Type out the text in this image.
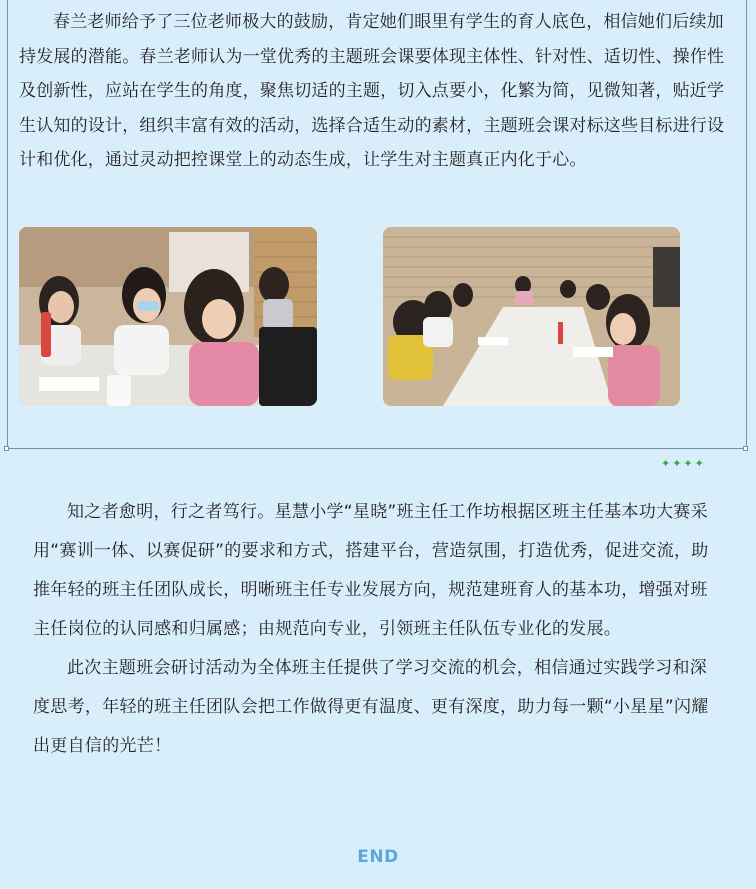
春兰老师给予了三位老师极大的鼓励，肯定她们眼里有学生的育人底色，相信她们后续加持发展的潜能。春兰老师认为一堂优秀的主题班会课要体现主体性、针对性、适切性、操作性及创新性，应站在学生的角度，聚焦切适的主题，切入点要小，化繁为简，见微知著，贴近学生认知的设计，组织丰富有效的活动，选择合适生动的素材，主题班会课对标这些目标进行设计和优化，通过灵动把控课堂上的动态生成，让学生对主题真正内化于心。

✦✦✦✦

知之者愈明，行之者笃行。星慧小学“星晓”班主任工作坊根据区班主任基本功大赛采用“赛训一体、以赛促研”的要求和方式，搭建平台，营造氛围，打造优秀，促进交流，助推年轻的班主任团队成长，明晰班主任专业发展方向，规范建班育人的基本功，增强对班主任岗位的认同感和归属感；由规范向专业，引领班主任队伍专业化的发展。

此次主题班会研讨活动为全体班主任提供了学习交流的机会，相信通过实践学习和深度思考，年轻的班主任团队会把工作做得更有温度、更有深度，助力每一颗“小星星”闪耀出更自信的光芒！

END
